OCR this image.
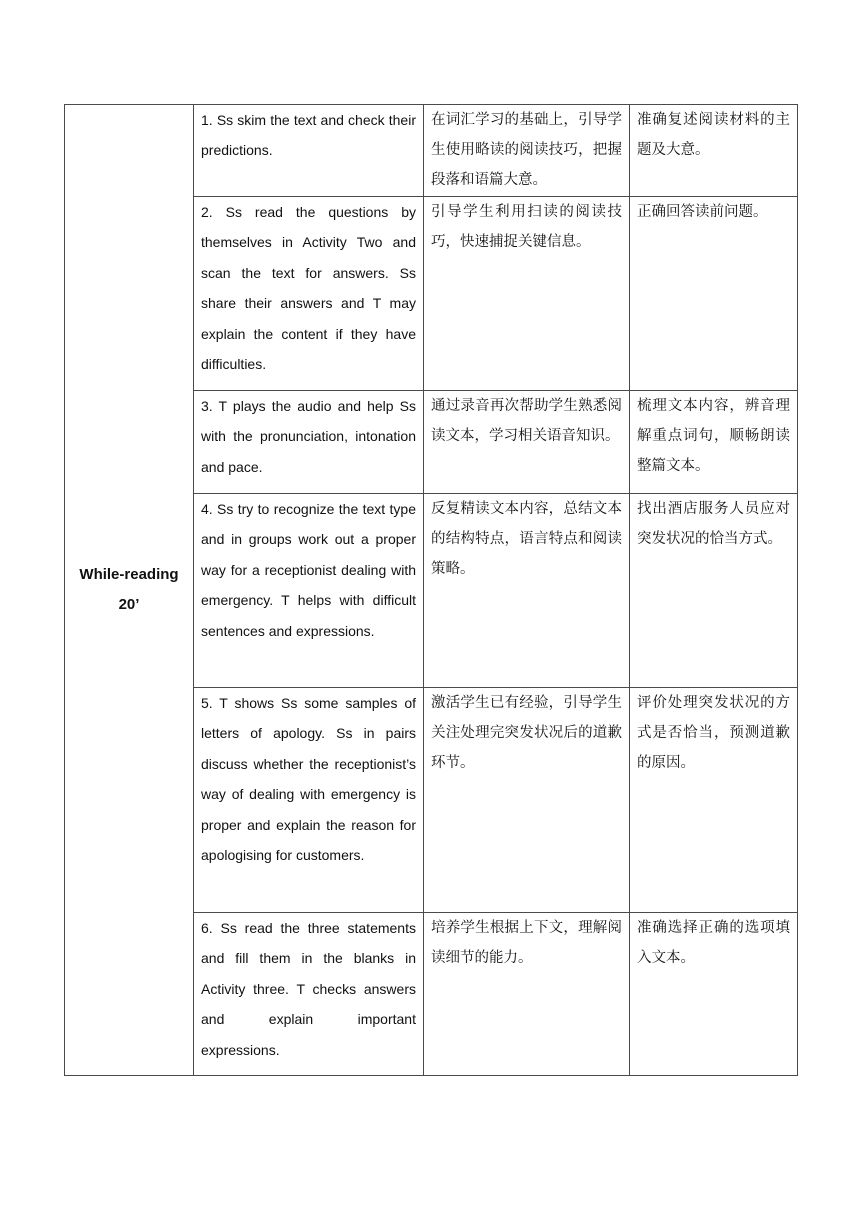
While-reading
20’	1. Ss skim the text and check their predictions.	在词汇学习的基础上，引导学生使用略读的阅读技巧，把握段落和语篇大意。	准确复述阅读材料的主题及大意。
	2. Ss read the questions by themselves in Activity Two and scan the text for answers. Ss share their answers and T may explain the content if they have difficulties.	引导学生利用扫读的阅读技巧，快速捕捉关键信息。	正确回答读前问题。
	3. T plays the audio and help Ss with the pronunciation, intonation and pace.	通过录音再次帮助学生熟悉阅读文本，学习相关语音知识。	梳理文本内容，辨音理解重点词句，顺畅朗读整篇文本。
	4. Ss try to recognize the text type and in groups work out a proper way for a receptionist dealing with emergency. T helps with difficult sentences and expressions.	反复精读文本内容，总结文本的结构特点，语言特点和阅读策略。	找出酒店服务人员应对突发状况的恰当方式。
	5. T shows Ss some samples of letters of apology. Ss in pairs discuss whether the receptionist’s way of dealing with emergency is proper and explain the reason for apologising for customers.	激活学生已有经验，引导学生关注处理完突发状况后的道歉环节。	评价处理突发状况的方式是否恰当，预测道歉的原因。
	6. Ss read the three statements and fill them in the blanks in Activity three. T checks answers and explain important expressions.	培养学生根据上下文，理解阅读细节的能力。	准确选择正确的选项填入文本。
